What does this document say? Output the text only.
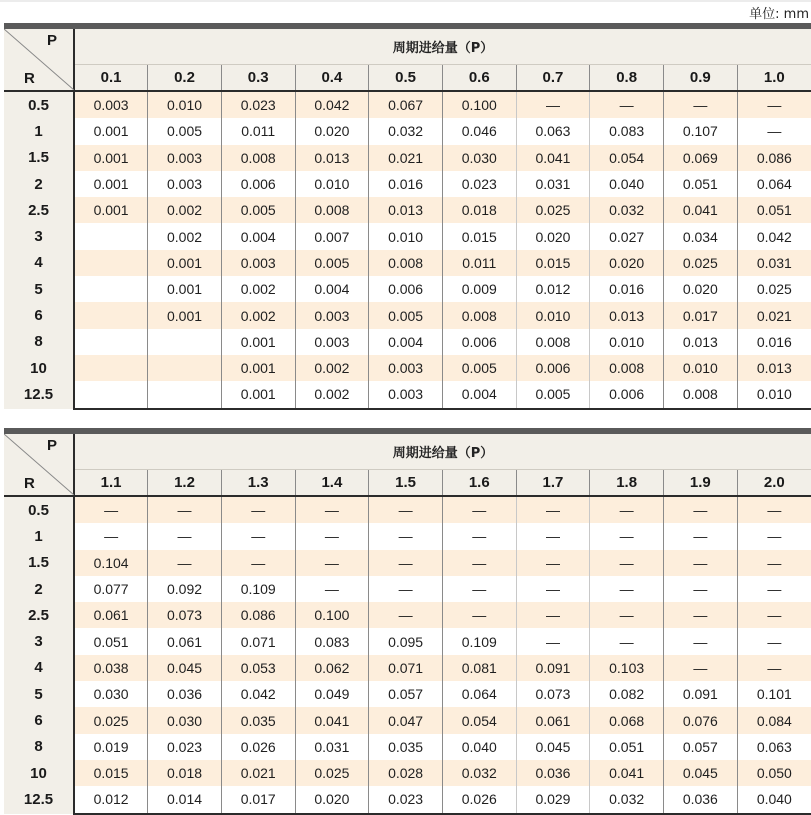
单位: mm
P
R	周期进给量（P）									
	0.1	0.2	0.3	0.4	0.5	0.6	0.7	0.8	0.9	1.0
0.5	0.003	0.010	0.023	0.042	0.067	0.100	—	—	—	—
1	0.001	0.005	0.011	0.020	0.032	0.046	0.063	0.083	0.107	—
1.5	0.001	0.003	0.008	0.013	0.021	0.030	0.041	0.054	0.069	0.086
2	0.001	0.003	0.006	0.010	0.016	0.023	0.031	0.040	0.051	0.064
2.5	0.001	0.002	0.005	0.008	0.013	0.018	0.025	0.032	0.041	0.051
3		0.002	0.004	0.007	0.010	0.015	0.020	0.027	0.034	0.042
4		0.001	0.003	0.005	0.008	0.011	0.015	0.020	0.025	0.031
5		0.001	0.002	0.004	0.006	0.009	0.012	0.016	0.020	0.025
6		0.001	0.002	0.003	0.005	0.008	0.010	0.013	0.017	0.021
8			0.001	0.003	0.004	0.006	0.008	0.010	0.013	0.016
10			0.001	0.002	0.003	0.005	0.006	0.008	0.010	0.013
12.5			0.001	0.002	0.003	0.004	0.005	0.006	0.008	0.010
P
R	周期进给量（P）									
	1.1	1.2	1.3	1.4	1.5	1.6	1.7	1.8	1.9	2.0
0.5	—	—	—	—	—	—	—	—	—	—
1	—	—	—	—	—	—	—	—	—	—
1.5	0.104	—	—	—	—	—	—	—	—	—
2	0.077	0.092	0.109	—	—	—	—	—	—	—
2.5	0.061	0.073	0.086	0.100	—	—	—	—	—	—
3	0.051	0.061	0.071	0.083	0.095	0.109	—	—	—	—
4	0.038	0.045	0.053	0.062	0.071	0.081	0.091	0.103	—	—
5	0.030	0.036	0.042	0.049	0.057	0.064	0.073	0.082	0.091	0.101
6	0.025	0.030	0.035	0.041	0.047	0.054	0.061	0.068	0.076	0.084
8	0.019	0.023	0.026	0.031	0.035	0.040	0.045	0.051	0.057	0.063
10	0.015	0.018	0.021	0.025	0.028	0.032	0.036	0.041	0.045	0.050
12.5	0.012	0.014	0.017	0.020	0.023	0.026	0.029	0.032	0.036	0.040
